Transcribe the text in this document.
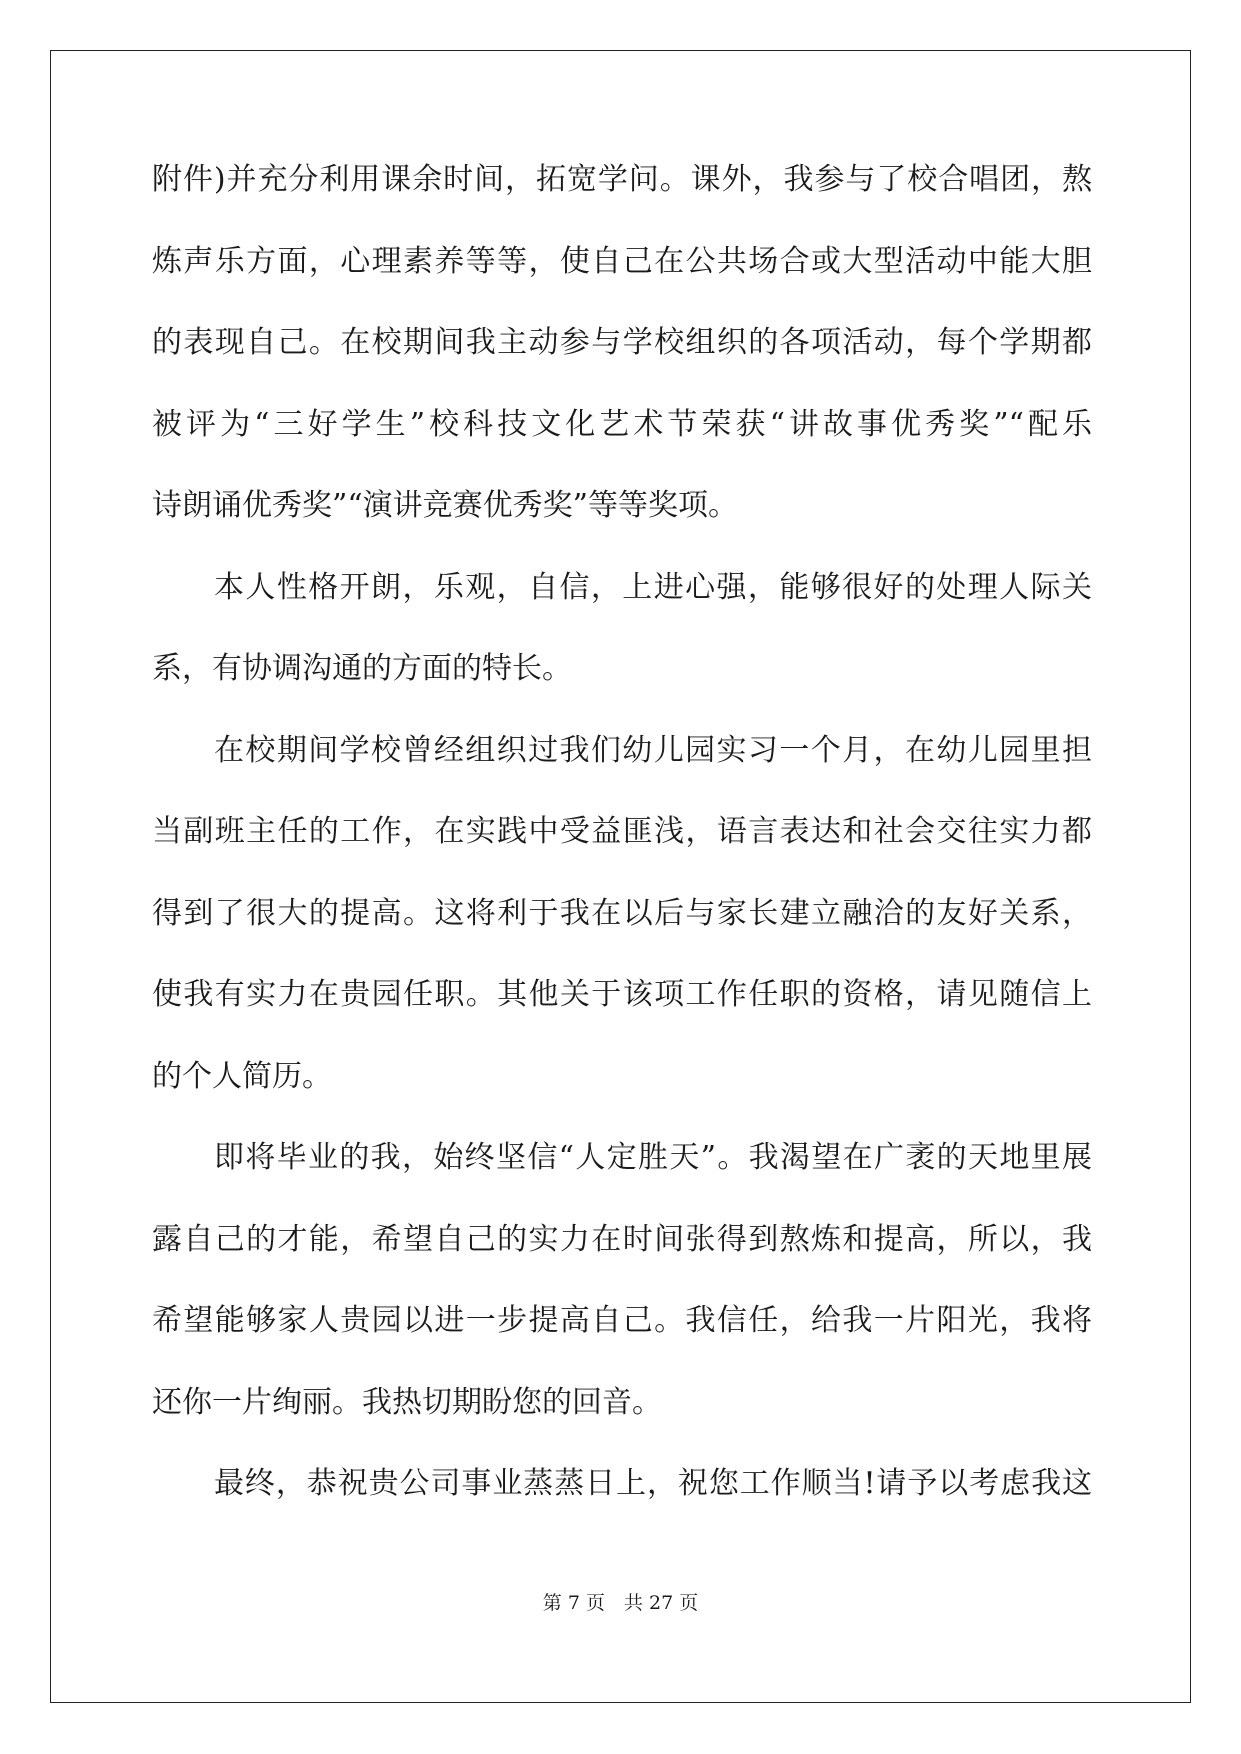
附件)并充分利用课余时间，拓宽学问。课外，我参与了校合唱团，熬
炼声乐方面，心理素养等等，使自己在公共场合或大型活动中能大胆
的表现自己。在校期间我主动参与学校组织的各项活动，每个学期都
被评为“三好学生”校科技文化艺术节荣获“讲故事优秀奖”“配乐
诗朗诵优秀奖”“演讲竞赛优秀奖”等等奖项。
本人性格开朗，乐观，自信，上进心强，能够很好的处理人际关
系，有协调沟通的方面的特长。
在校期间学校曾经组织过我们幼儿园实习一个月，在幼儿园里担
当副班主任的工作，在实践中受益匪浅，语言表达和社会交往实力都
得到了很大的提高。这将利于我在以后与家长建立融洽的友好关系，
使我有实力在贵园任职。其他关于该项工作任职的资格，请见随信上
的个人简历。
即将毕业的我，始终坚信“人定胜天”。我渴望在广袤的天地里展
露自己的才能，希望自己的实力在时间张得到熬炼和提高，所以，我
希望能够家人贵园以进一步提高自己。我信任，给我一片阳光，我将
还你一片绚丽。我热切期盼您的回音。
最终，恭祝贵公司事业蒸蒸日上，祝您工作顺当!请予以考虑我这
第 7 页　共 27 页
